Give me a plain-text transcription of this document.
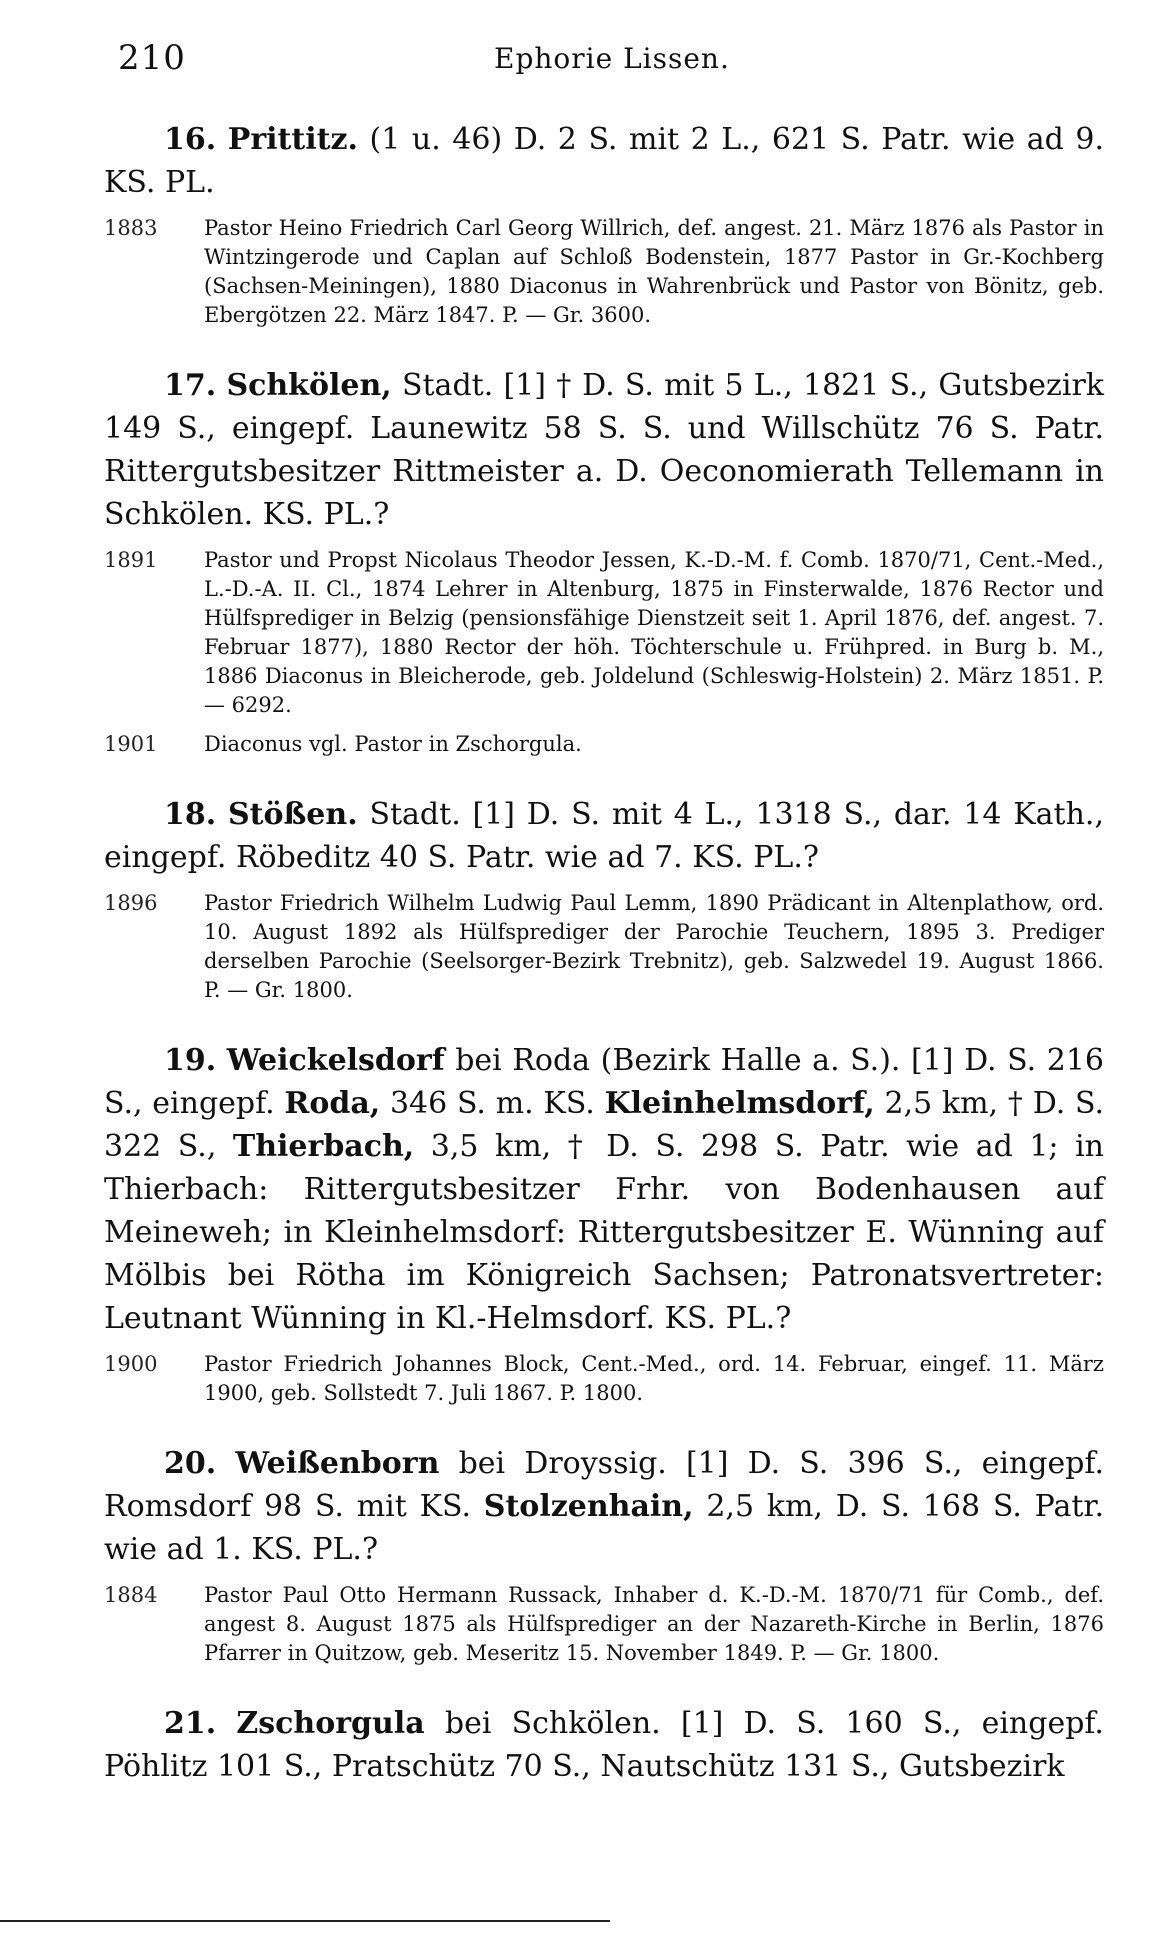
210	Ephorie Lissen.

16. Prittitz. (1 u. 46) D. 2 S. mit 2 L., 621 S. Patr. wie ad 9. KS. PL.

1883	Pastor Heino Friedrich Carl Georg Willrich, def. angest. 21. März 1876 als Pastor in Wintzingerode und Caplan auf Schloß Bodenstein, 1877 Pastor in Gr.-Kochberg (Sachsen-Meiningen), 1880 Diaconus in Wahrenbrück und Pastor von Bönitz, geb. Ebergötzen 22. März 1847. P. — Gr. 3600.

17. Schkölen, Stadt. [1] † D. S. mit 5 L., 1821 S., Gutsbezirk 149 S., eingepf. Launewitz 58 S. S. und Willschütz 76 S. Patr. Rittergutsbesitzer Rittmeister a. D. Oeconomierath Tellemann in Schkölen. KS. PL.?

1891	Pastor und Propst Nicolaus Theodor Jessen, K.-D.-M. f. Comb. 1870/71, Cent.-Med., L.-D.-A. II. Cl., 1874 Lehrer in Altenburg, 1875 in Finsterwalde, 1876 Rector und Hülfsprediger in Belzig (pensionsfähige Dienstzeit seit 1. April 1876, def. angest. 7. Februar 1877), 1880 Rector der höh. Töchterschule u. Frühpred. in Burg b. M., 1886 Diaconus in Bleicherode, geb. Joldelund (Schleswig-Holstein) 2. März 1851. P. — 6292.
1901	Diaconus vgl. Pastor in Zschorgula.

18. Stößen. Stadt. [1] D. S. mit 4 L., 1318 S., dar. 14 Kath., eingepf. Röbeditz 40 S. Patr. wie ad 7. KS. PL.?

1896	Pastor Friedrich Wilhelm Ludwig Paul Lemm, 1890 Prädicant in Altenplathow, ord. 10. August 1892 als Hülfsprediger der Parochie Teuchern, 1895 3. Prediger derselben Parochie (Seelsorger-Bezirk Trebnitz), geb. Salzwedel 19. August 1866. P. — Gr. 1800.

19. Weickelsdorf bei Roda (Bezirk Halle a. S.). [1] D. S. 216 S., eingepf. Roda, 346 S. m. KS. Kleinhelmsdorf, 2,5 km, † D. S. 322 S., Thierbach, 3,5 km, † D. S. 298 S. Patr. wie ad 1; in Thierbach: Rittergutsbesitzer Frhr. von Bodenhausen auf Meineweh; in Kleinhelmsdorf: Rittergutsbesitzer E. Wünning auf Mölbis bei Rötha im Königreich Sachsen; Patronatsvertreter: Leutnant Wünning in Kl.-Helmsdorf. KS. PL.?

1900	Pastor Friedrich Johannes Block, Cent.-Med., ord. 14. Februar, eingef. 11. März 1900, geb. Sollstedt 7. Juli 1867. P. 1800.

20. Weißenborn bei Droyssig. [1] D. S. 396 S., eingepf. Romsdorf 98 S. mit KS. Stolzenhain, 2,5 km, D. S. 168 S. Patr. wie ad 1. KS. PL.?

1884	Pastor Paul Otto Hermann Russack, Inhaber d. K.-D.-M. 1870/71 für Comb., def. angest 8. August 1875 als Hülfsprediger an der Nazareth-Kirche in Berlin, 1876 Pfarrer in Quitzow, geb. Meseritz 15. November 1849. P. — Gr. 1800.

21. Zschorgula bei Schkölen. [1] D. S. 160 S., eingepf. Pöhlitz 101 S., Pratschütz 70 S., Nautschütz 131 S., Gutsbezirk
